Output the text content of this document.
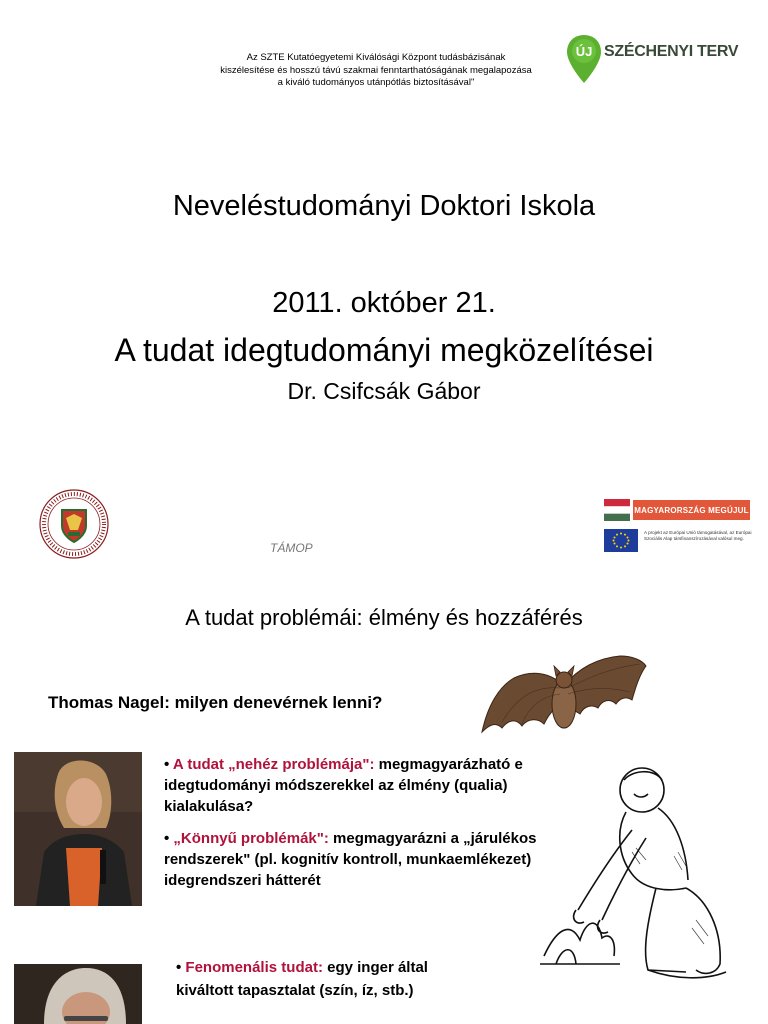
Az SZTE Kutatóegyetemi Kiválósági Központ tudásbázisának
kiszélesítése és hosszú távú szakmai fenntarthatóságának megalapozása
a kiváló tudományos utánpótlás biztosításával"
ÚJ SZÉCHENYI TERV
Neveléstudományi Doktori Iskola
2011. október 21.
A tudat idegtudományi megközelítései
Dr. Csifcsák Gábor
TÁMOP
MAGYARORSZÁG MEGÚJUL
A projekt az Európai Unió támogatásával, az Európai Szociális Alap társfinanszírozásával valósul meg.
A tudat problémái: élmény és hozzáférés
Thomas Nagel: milyen denevérnek lenni?
• A tudat „nehéz problémája": megmagyarázható e idegtudományi módszerekkel az élmény (qualia) kialakulása?
• „Könnyű problémák": megmagyarázni a „járulékos rendszerek" (pl. kognitív kontroll, munkaemlékezet) idegrendszeri hátterét
• Fenomenális tudat: egy inger által kiváltott tapasztalat (szín, íz, stb.)
